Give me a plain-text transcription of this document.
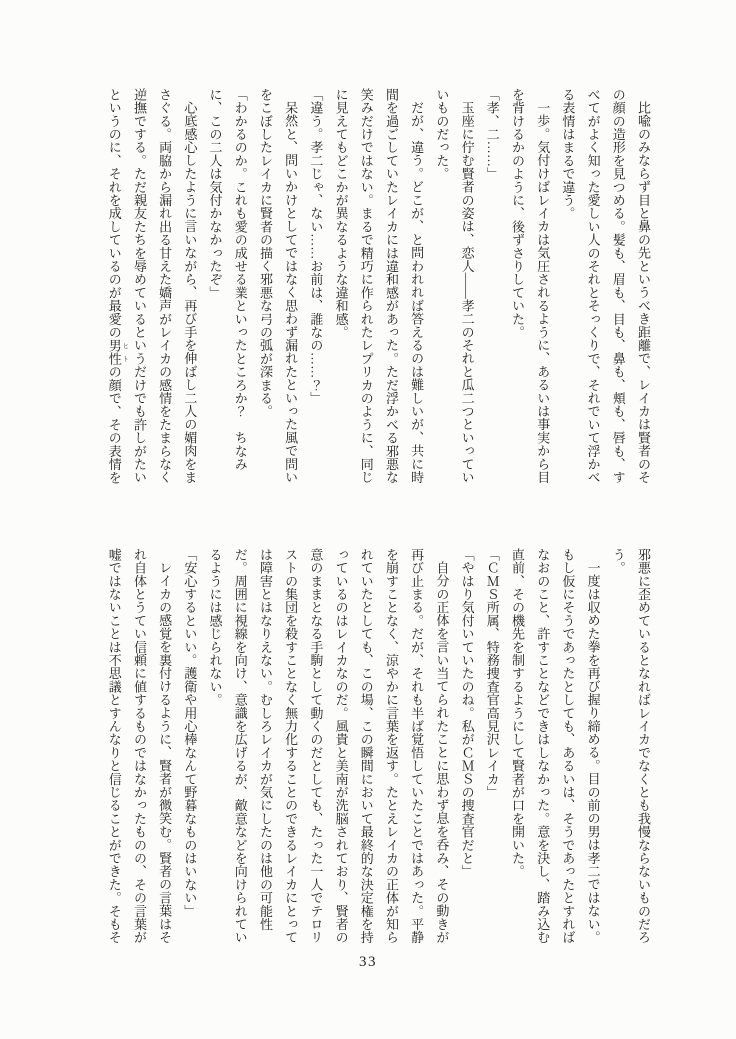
比喩のみならず目と鼻の先というべき距離で、レイカは賢者のその顔の造形を見つめる。髪も、眉も、目も、鼻も、頬も、唇も、すべてがよく知った愛しい人のそれとそっくりで、それでいて浮かべる表情はまるで違う。

一歩。気付けばレイカは気圧されるように、あるいは事実から目を背けるかのように、後ずさりしていた。

「孝、二……」

玉座に佇む賢者の姿は、恋人――孝二のそれと瓜二つといっていいものだった。

だが、違う。どこが、と問われれば答えるのは難しいが、共に時間を過ごしていたレイカには違和感があった。ただ浮かべる邪悪な笑みだけではない。まるで精巧に作られたレプリカのように、同じに見えてもどこかが異なるような違和感。

「違う。孝二じゃ、ない……お前は、誰なの……？」

呆然と、問いかけとしてではなく思わず漏れたといった風で問いをこぼしたレイカに賢者の描く邪悪な弓の弧が深まる。

「わかるのか。これも愛の成せる業といったところか？　ちなみに、この二人は気付かなかったぞ」

心底感心したように言いながら、再び手を伸ばし二人の媚肉をまさぐる。両脇から漏れ出る甘えた嬌声がレイカの感情をたまらなく逆撫でする。ただ親友たちを辱めているというだけでも許しがたいというのに、それを成しているのが最愛の男性 ヒトの顔で、その表情を

邪悪に歪めているとなればレイカでなくとも我慢ならないものだろう。

一度は収めた拳を再び握り締める。目の前の男は孝二ではない。もし仮にそうであったとしても、あるいは、そうであったとすればなおのこと、許すことなどできはしなかった。意を決し、踏み込む直前、その機先を制するようにして賢者が口を開いた。

「ＣＭＳ所属、特務捜査官高見沢レイカ」

「やはり気付いていたのね。私がＣＭＳの捜査官だと」

自分の正体を言い当てられたことに思わず息を呑み、その動きが再び止まる。だが、それも半ば覚悟していたことではあった。平静を崩すことなく、涼やかに言葉を返す。たとえレイカの正体が知られていたとしても、この場、この瞬間において最終的な決定権を持っているのはレイカなのだ。風貴と美南が洗脳されており、賢者の意のままとなる手駒として動くのだとしても、たった一人でテロリストの集団を殺すことなく無力化することのできるレイカにとっては障害とはなりえない。むしろレイカが気にしたのは他の可能性だ。周囲に視線を向け、意識を広げるが、敵意などを向けられているようには感じられない。

「安心するといい。護衛や用心棒なんて野暮なものはいない」

レイカの感覚を裏付けるように、賢者が微笑む。賢者の言葉はそれ自体とうてい信頼に値するものではなかったものの、その言葉が嘘ではないことは不思議とすんなりと信じることができた。そもそ

33
